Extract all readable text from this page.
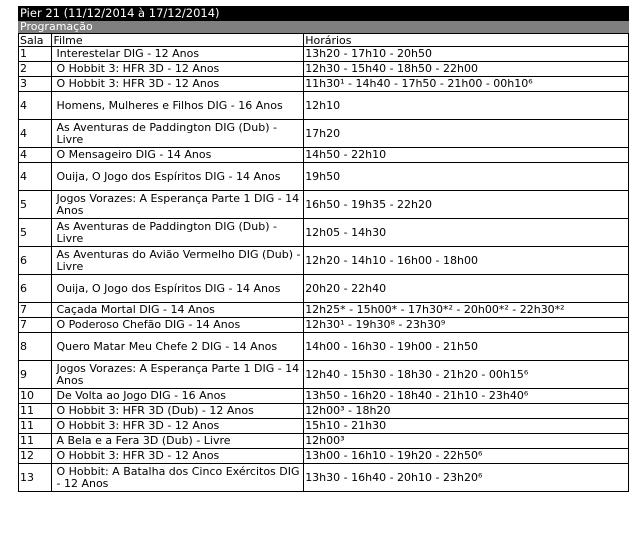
Pier 21 (11/12/2014 à 17/12/2014)
Programação
Sala	Filme	Horários
1	Interestelar DIG - 12 Anos	13h20 - 17h10 - 20h50
2	O Hobbit 3: HFR 3D - 12 Anos	12h30 - 15h40 - 18h50 - 22h00
3	O Hobbit 3: HFR 3D - 12 Anos	11h30¹ - 14h40 - 17h50 - 21h00 - 00h10⁶
4	Homens, Mulheres e Filhos DIG - 16 Anos	12h10
4	As Aventuras de Paddington DIG (Dub) - Livre	17h20
4	O Mensageiro DIG - 14 Anos	14h50 - 22h10
4	Ouija, O Jogo dos Espíritos DIG - 14 Anos	19h50
5	Jogos Vorazes: A Esperança Parte 1 DIG - 14 Anos	16h50 - 19h35 - 22h20
5	As Aventuras de Paddington DIG (Dub) - Livre	12h05 - 14h30
6	As Aventuras do Avião Vermelho DIG (Dub) - Livre	12h20 - 14h10 - 16h00 - 18h00
6	Ouija, O Jogo dos Espíritos DIG - 14 Anos	20h20 - 22h40
7	Caçada Mortal DIG - 14 Anos	12h25* - 15h00* - 17h30*² - 20h00*² - 22h30*²
7	O Poderoso Chefão DIG - 14 Anos	12h30¹ - 19h30⁸ - 23h30⁹
8	Quero Matar Meu Chefe 2 DIG - 14 Anos	14h00 - 16h30 - 19h00 - 21h50
9	Jogos Vorazes: A Esperança Parte 1 DIG - 14 Anos	12h40 - 15h30 - 18h30 - 21h20 - 00h15⁶
10	De Volta ao Jogo DIG - 16 Anos	13h50 - 16h20 - 18h40 - 21h10 - 23h40⁶
11	O Hobbit 3: HFR 3D (Dub) - 12 Anos	12h00³ - 18h20
11	O Hobbit 3: HFR 3D - 12 Anos	15h10 - 21h30
11	A Bela e a Fera 3D (Dub) - Livre	12h00³
12	O Hobbit 3: HFR 3D - 12 Anos	13h00 - 16h10 - 19h20 - 22h50⁶
13	O Hobbit: A Batalha dos Cinco Exércitos DIG - 12 Anos	13h30 - 16h40 - 20h10 - 23h20⁶
